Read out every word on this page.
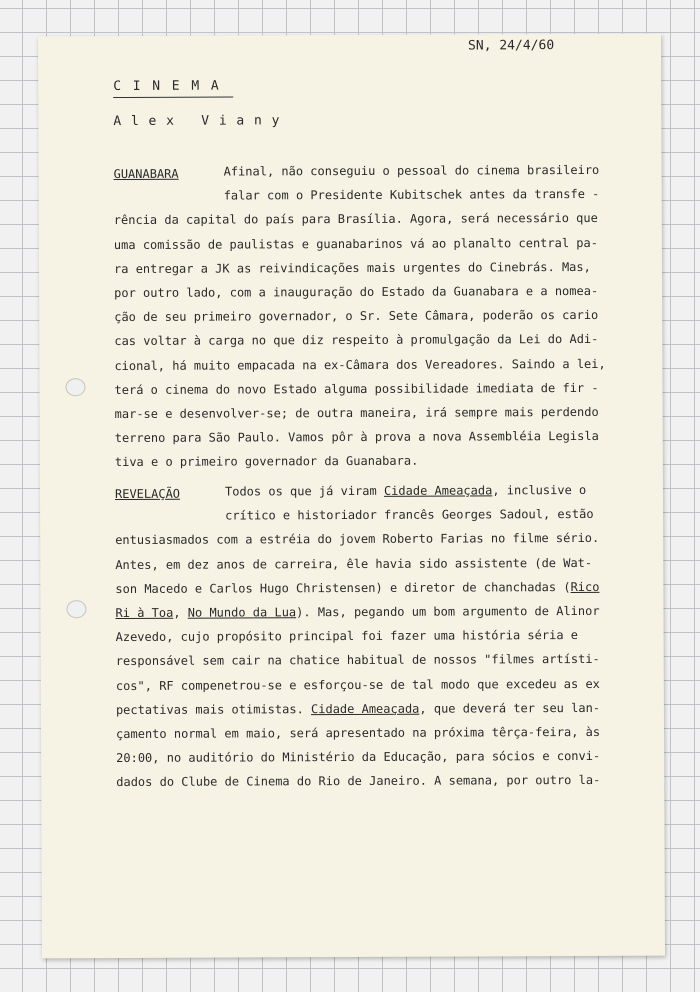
SN, 24/4/60

CINEMA

Alex Viany

GUANABARA	Afinal, não conseguiu o pessoal do cinema brasileiro
falar com o Presidente Kubitschek antes da transfe -
rência da capital do país para Brasília. Agora, será necessário que
uma comissão de paulistas e guanabarinos vá ao planalto central pa-
ra entregar a JK as reivindicações mais urgentes do Cinebrás. Mas,
por outro lado, com a inauguração do Estado da Guanabara e a nomea-
ção de seu primeiro governador, o Sr. Sete Câmara, poderão os cario
cas voltar à carga no que diz respeito à promulgação da Lei do Adi-
cional, há muito empacada na ex-Câmara dos Vereadores. Saindo a lei,
terá o cinema do novo Estado alguma possibilidade imediata de fir -
mar-se e desenvolver-se; de outra maneira, irá sempre mais perdendo
terreno para São Paulo. Vamos pôr à prova a nova Assembléia Legisla
tiva e o primeiro governador da Guanabara.

REVELAÇÃO	Todos os que já viram Cidade Ameaçada, inclusive o
crítico e historiador francês Georges Sadoul, estão
entusiasmados com a estréia do jovem Roberto Farias no filme sério.
Antes, em dez anos de carreira, êle havia sido assistente (de Wat-
son Macedo e Carlos Hugo Christensen) e diretor de chanchadas (Rico
Ri à Toa, No Mundo da Lua). Mas, pegando um bom argumento de Alinor
Azevedo, cujo propósito principal foi fazer uma história séria e
responsável sem cair na chatice habitual de nossos "filmes artísti-
cos", RF compenetrou-se e esforçou-se de tal modo que excedeu as ex
pectativas mais otimistas. Cidade Ameaçada, que deverá ter seu lan-
çamento normal em maio, será apresentado na próxima têrça-feira, às
20:00, no auditório do Ministério da Educação, para sócios e convi-
dados do Clube de Cinema do Rio de Janeiro. A semana, por outro la-
